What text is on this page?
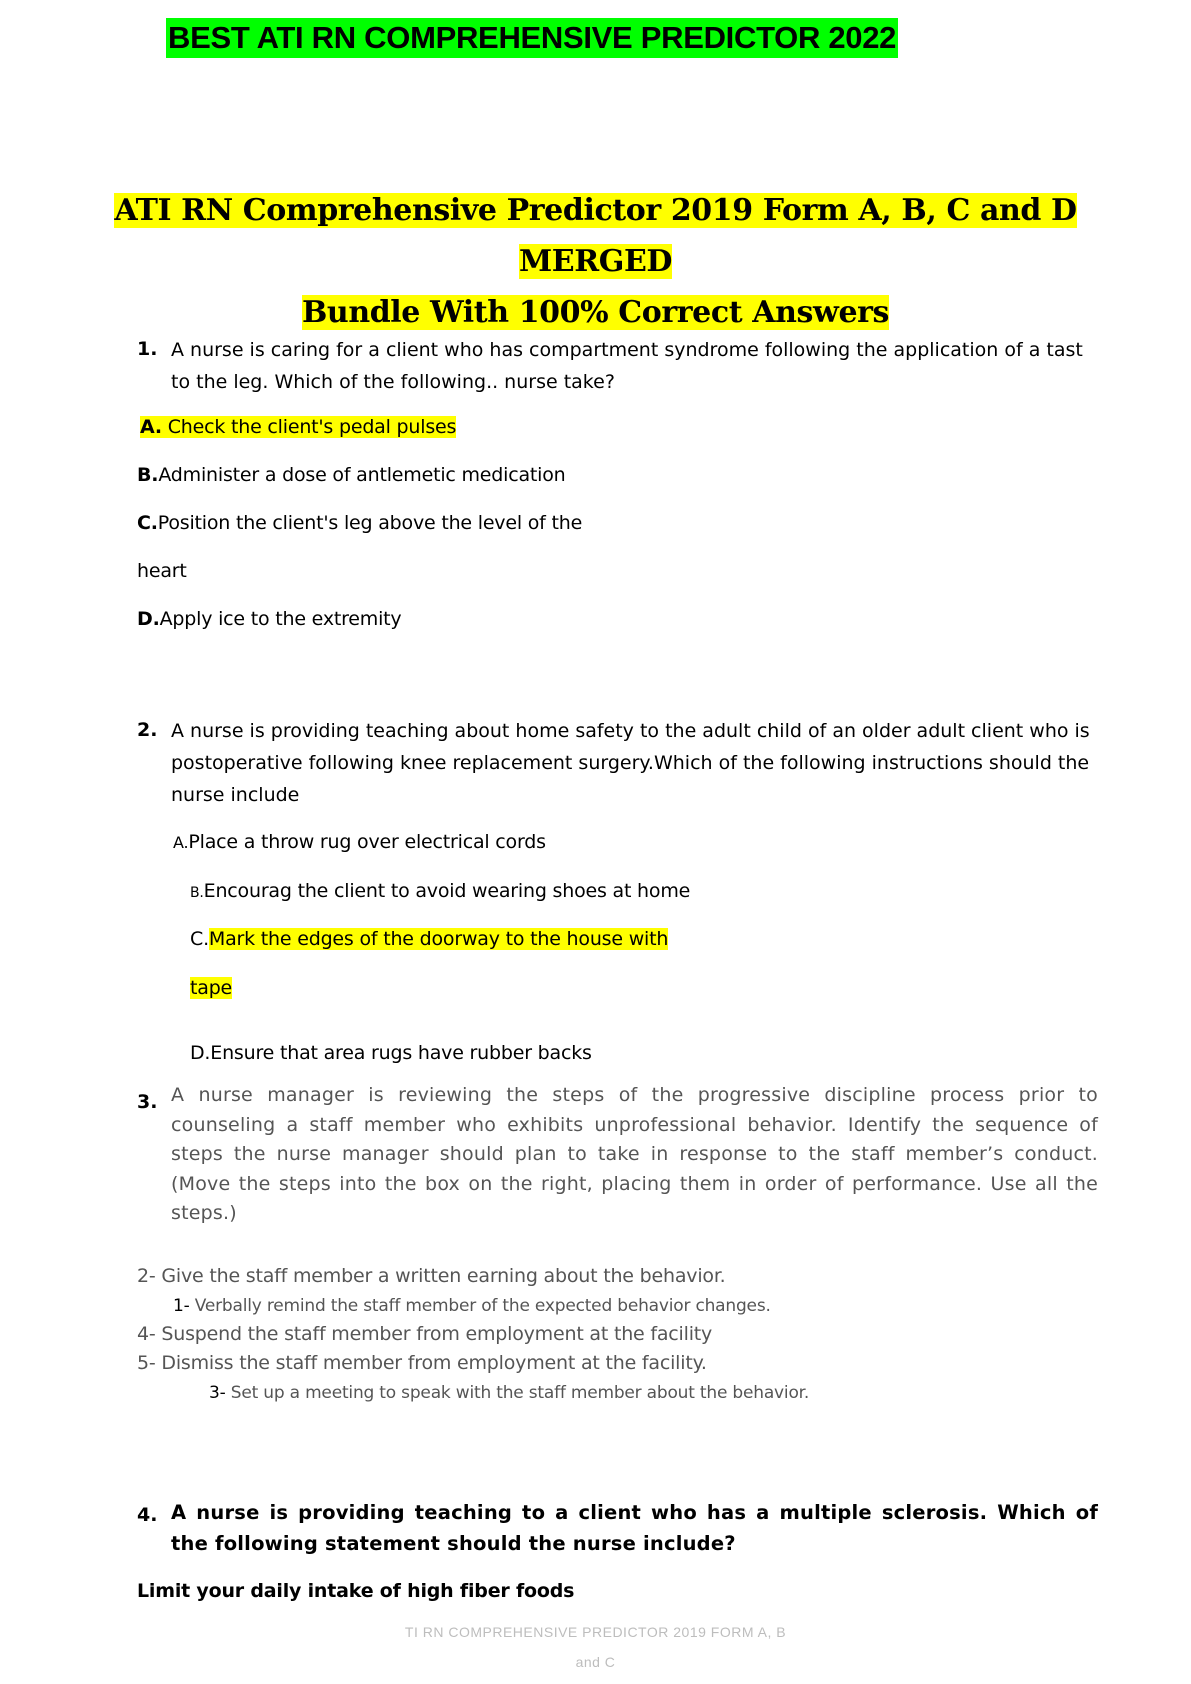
BEST ATI RN COMPREHENSIVE PREDICTOR 2022
ATI RN Comprehensive Predictor 2019 Form A, B, C and D MERGED
Bundle With 100% Correct Answers
1. A nurse is caring for a client who has compartment syndrome following the application of a tast to the leg. Which of the following.. nurse take?
A. Check the client's pedal pulses
B.Administer a dose of antlemetic medication
C.Position the client's leg above the level of the
heart
D.Apply ice to the extremity
2. A nurse is providing teaching about home safety to the adult child of an older adult client who is postoperative following knee replacement surgery.Which of the following instructions should the nurse include
A.Place a throw rug over electrical cords
B.Encourag the client to avoid wearing shoes at home
C.Mark the edges of the doorway to the house with
tape
D.Ensure that area rugs have rubber backs
3. A nurse manager is reviewing the steps of the progressive discipline process prior to counseling a staff member who exhibits unprofessional behavior. Identify the sequence of steps the nurse manager should plan to take in response to the staff member’s conduct. (Move the steps into the box on the right, placing them in order of performance. Use all the steps.)
2- Give the staff member a written earning about the behavior.
1- Verbally remind the staff member of the expected behavior changes.
4- Suspend the staff member from employment at the facility
5- Dismiss the staff member from employment at the facility.
3- Set up a meeting to speak with the staff member about the behavior.
4. A nurse is providing teaching to a client who has a multiple sclerosis. Which of the following statement should the nurse include?
Limit your daily intake of high fiber foods
TI RN COMPREHENSIVE PREDICTOR 2019 FORM A, B
and C
